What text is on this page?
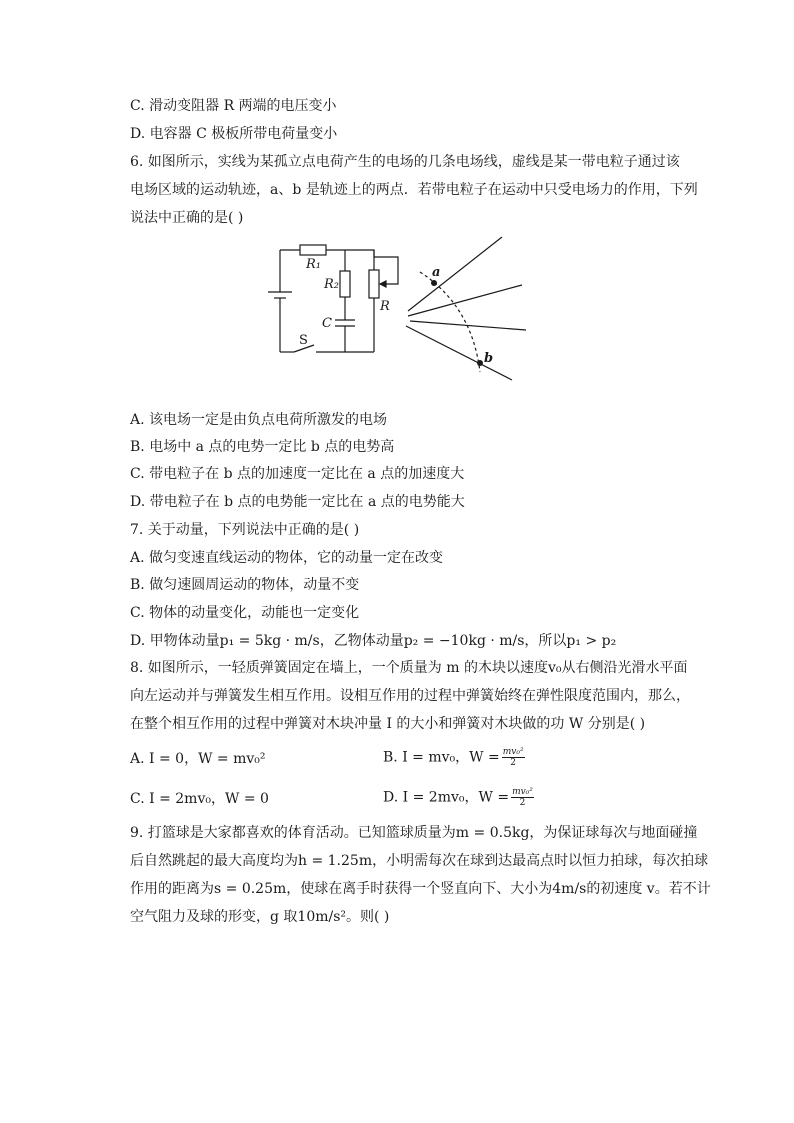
C. 滑动变阻器 R 两端的电压变小
D. 电容器 C 极板所带电荷量变小
6. 如图所示，实线为某孤立点电荷产生的电场的几条电场线，虚线是某一带电粒子通过该
电场区域的运动轨迹，a、b 是轨迹上的两点．若带电粒子在运动中只受电场力的作用，下列
说法中正确的是( )
R₁
R₂
R
C
S
a
b
A. 该电场一定是由负点电荷所激发的电场
B. 电场中 a 点的电势一定比 b 点的电势高
C. 带电粒子在 b 点的加速度一定比在 a 点的加速度大
D. 带电粒子在 b 点的电势能一定比在 a 点的电势能大
7. 关于动量，下列说法中正确的是( )
A. 做匀变速直线运动的物体，它的动量一定在改变
B. 做匀速圆周运动的物体，动量不变
C. 物体的动量变化，动能也一定变化
D. 甲物体动量p₁ = 5kg · m/s，乙物体动量p₂ = −10kg · m/s，所以p₁ > p₂
8. 如图所示，一轻质弹簧固定在墙上，一个质量为 m 的木块以速度v₀从右侧沿光滑水平面
向左运动并与弹簧发生相互作用。设相互作用的过程中弹簧始终在弹性限度范围内，那么，
在整个相互作用的过程中弹簧对木块冲量 I 的大小和弹簧对木块做的功 W 分别是( )
A. I = 0，W = mv₀²	B. I = mv₀，$W = \frac{\text{mv₀²}}{2}$
C. I = 2mv₀，W = 0	D. I = 2mv₀，$W = \frac{\text{mv₀²}}{2}$
9. 打篮球是大家都喜欢的体育活动。已知篮球质量为m = 0.5kg，为保证球每次与地面碰撞
后自然跳起的最大高度均为h = 1.25m，小明需每次在球到达最高点时以恒力拍球，每次拍球
作用的距离为s = 0.25m，使球在离手时获得一个竖直向下、大小为4m/s的初速度 v。若不计
空气阻力及球的形变，g 取10m/s²。则( )
